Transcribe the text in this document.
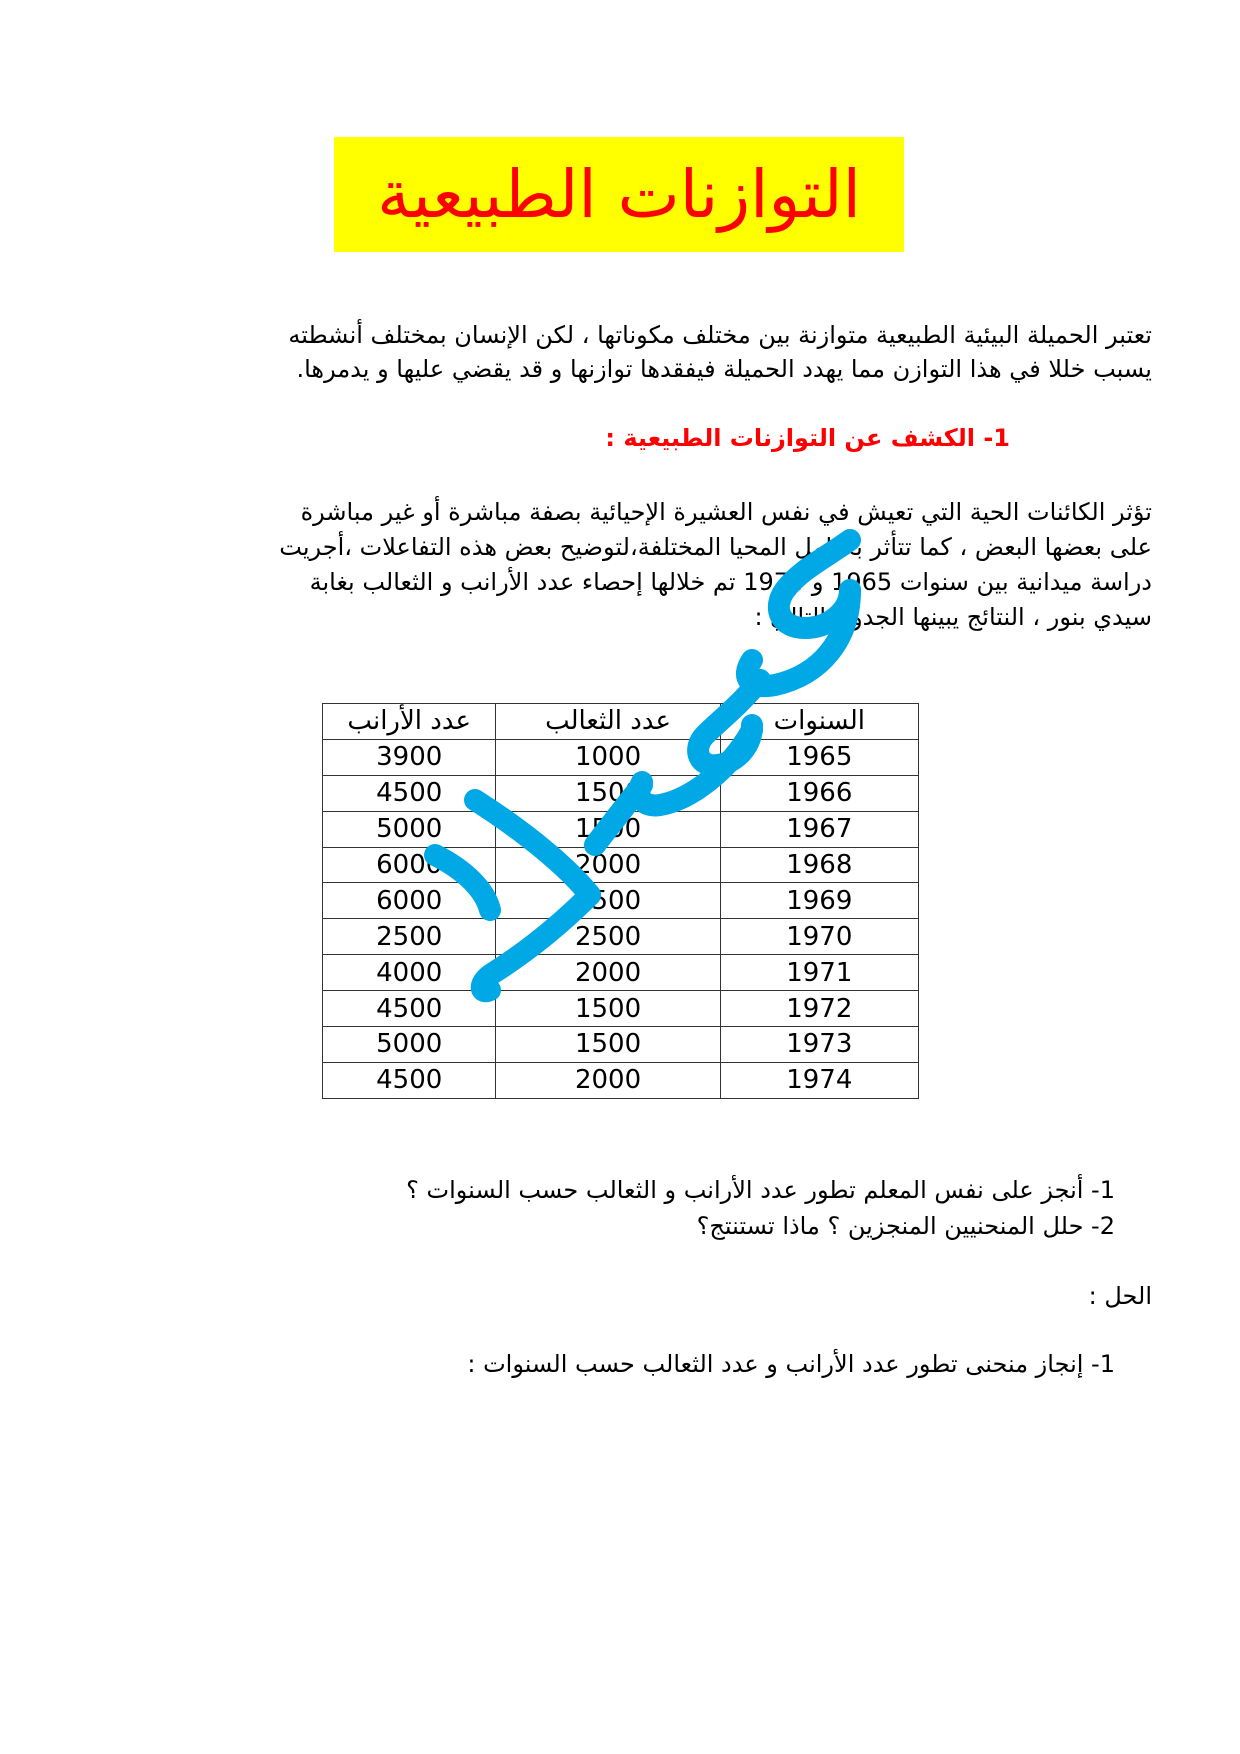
التوازنات الطبيعية
تعتبر الحميلة البيئية الطبيعية متوازنة بين مختلف مكوناتها ، لكن الإنسان بمختلف أنشطته
يسبب خللا في هذا التوازن مما يهدد الحميلة فيفقدها توازنها و قد يقضي عليها و يدمرها.
1- الكشف عن التوازنات الطبيعية :
تؤثر الكائنات الحية التي تعيش في نفس العشيرة الإحيائية بصفة مباشرة أو غير مباشرة
على بعضها البعض ، كما تتأثر بعوامل المحيا المختلفة،لتوضيح بعض هذه التفاعلات ،أجريت
دراسة ميدانية بين سنوات 1965 و 1974 تم خلالها إحصاء عدد الأرانب و الثعالب بغابة
سيدي بنور ، النتائج يبينها الجدول التالي :
السنوات	عدد الثعالب	عدد الأرانب
1965	1000	3900
1966	1500	4500
1967	1500	5000
1968	2000	6000
1969	2500	6000
1970	2500	2500
1971	2000	4000
1972	1500	4500
1973	1500	5000
1974	2000	4500
1- أنجز على نفس المعلم تطور عدد الأرانب و الثعالب حسب السنوات ؟
2- حلل المنحنيين المنجزين ؟ ماذا تستنتج؟
الحل :
1- إنجاز منحنى تطور عدد الأرانب و عدد الثعالب حسب السنوات :
